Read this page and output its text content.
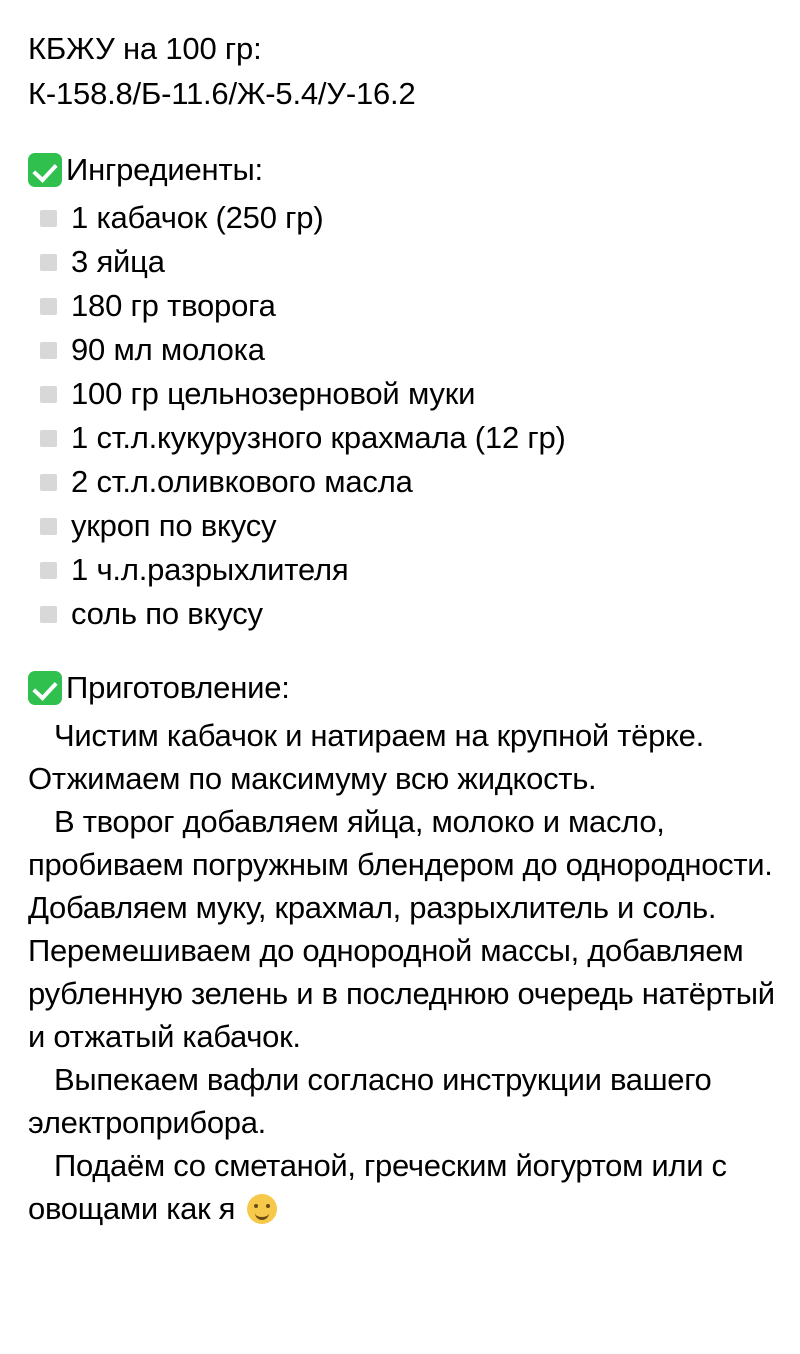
КБЖУ на 100 гр:
К-158.8/Б-11.6/Ж-5.4/У-16.2
Ингредиенты:
1 кабачок (250 гр)
3 яйца
180 гр творога
90 мл молока
100 гр цельнозерновой муки
1 ст.л.кукурузного крахмала (12 гр)
2 ст.л.оливкового масла
укроп по вкусу
1 ч.л.разрыхлителя
соль по вкусу
Приготовление:

Чистим кабачок и натираем на крупной тёрке. Отжимаем по максимуму всю жидкость.

В творог добавляем яйца, молоко и масло, пробиваем погружным блендером до однородности. Добавляем муку, крахмал, разрыхлитель и соль. Перемешиваем до однородной массы, добавляем рубленную зелень и в последнюю очередь натёртый и отжатый кабачок.

Выпекаем вафли согласно инструкции вашего электроприбора.

Подаём со сметаной, греческим йогуртом или с овощами как я
